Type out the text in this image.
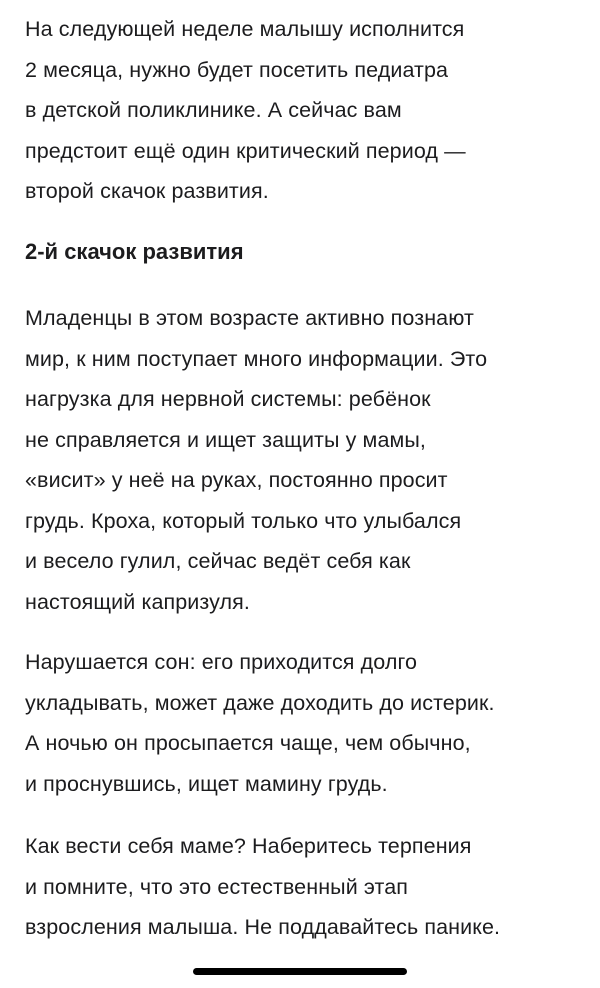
На следующей неделе малышу исполнится
2 месяца, нужно будет посетить педиатра
в детской поликлинике. А сейчас вам
предстоит ещё один критический период —
второй скачок развития.

2-й скачок развития

Младенцы в этом возрасте активно познают
мир, к ним поступает много информации. Это
нагрузка для нервной системы: ребёнок
не справляется и ищет защиты у мамы,
«висит» у неё на руках, постоянно просит
грудь. Кроха, который только что улыбался
и весело гулил, сейчас ведёт себя как
настоящий капризуля.

Нарушается сон: его приходится долго
укладывать, может даже доходить до истерик.
А ночью он просыпается чаще, чем обычно,
и проснувшись, ищет мамину грудь.

Как вести себя маме? Наберитесь терпения
и помните, что это естественный этап
взросления малыша. Не поддавайтесь панике.
